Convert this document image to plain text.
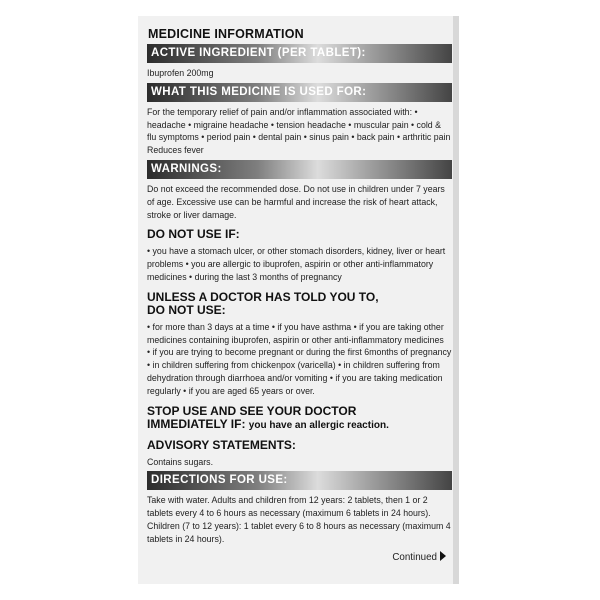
MEDICINE INFORMATION
ACTIVE INGREDIENT (PER TABLET):

Ibuprofen 200mg

WHAT THIS MEDICINE IS USED FOR:

For the temporary relief of pain and/or inflammation associated with: • headache • migraine headache • tension headache • muscular pain • cold & flu symptoms • period pain • dental pain • sinus pain • back pain • arthritic pain Reduces fever

WARNINGS:

Do not exceed the recommended dose. Do not use in children under 7 years of age. Excessive use can be harmful and increase the risk of heart attack, stroke or liver damage.

DO NOT USE IF:

• you have a stomach ulcer, or other stomach disorders, kidney, liver or heart problems • you are allergic to ibuprofen, aspirin or other anti-inflammatory medicines • during the last 3 months of pregnancy

UNLESS A DOCTOR HAS TOLD YOU TO,
DO NOT USE:

• for more than 3 days at a time • if you have asthma • if you are taking other medicines containing ibuprofen, aspirin or other anti-inflammatory medicines

• if you are trying to become pregnant or during the first 6months of pregnancy

• in children suffering from chickenpox (varicella) • in children suffering from dehydration through diarrhoea and/or vomiting • if you are taking medication regularly • if you are aged 65 years or over.

STOP USE AND SEE YOUR DOCTOR
IMMEDIATELY IF: you have an allergic reaction.
ADVISORY STATEMENTS:

Contains sugars.

DIRECTIONS FOR USE:

Take with water. Adults and children from 12 years: 2 tablets, then 1 or 2 tablets every 4 to 6 hours as necessary (maximum 6 tablets in 24 hours). Children (7 to 12 years): 1 tablet every 6 to 8 hours as necessary (maximum 4 tablets in 24 hours).

Continued
